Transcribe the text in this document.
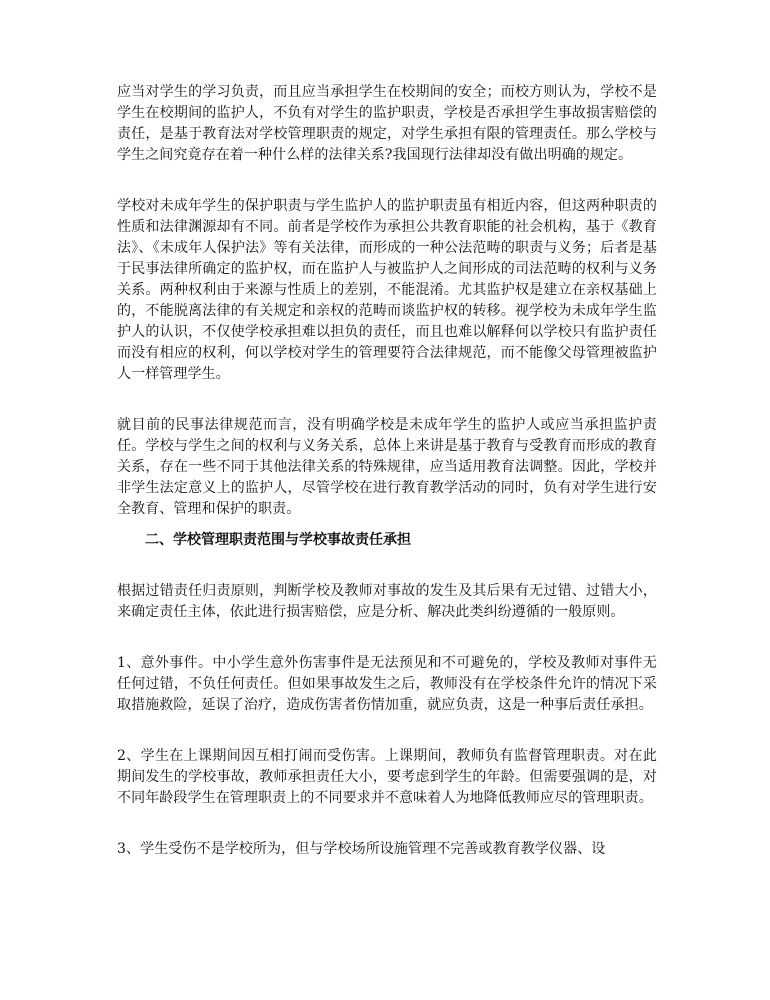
应当对学生的学习负责，而且应当承担学生在校期间的安全；而校方则认为，学校不是学生在校期间的监护人，不负有对学生的监护职责，学校是否承担学生事故损害赔偿的责任，是基于教育法对学校管理职责的规定，对学生承担有限的管理责任。那么学校与学生之间究竟存在着一种什么样的法律关系?我国现行法律却没有做出明确的规定。

学校对未成年学生的保护职责与学生监护人的监护职责虽有相近内容，但这两种职责的性质和法律渊源却有不同。前者是学校作为承担公共教育职能的社会机构，基于《教育法》、《未成年人保护法》等有关法律，而形成的一种公法范畴的职责与义务；后者是基于民事法律所确定的监护权，而在监护人与被监护人之间形成的司法范畴的权利与义务关系。两种权利由于来源与性质上的差别，不能混淆。尤其监护权是建立在亲权基础上的，不能脱离法律的有关规定和亲权的范畴而谈监护权的转移。视学校为未成年学生监护人的认识，不仅使学校承担难以担负的责任，而且也难以解释何以学校只有监护责任而没有相应的权利，何以学校对学生的管理要符合法律规范，而不能像父母管理被监护人一样管理学生。

就目前的民事法律规范而言，没有明确学校是未成年学生的监护人或应当承担监护责任。学校与学生之间的权利与义务关系，总体上来讲是基于教育与受教育而形成的教育关系，存在一些不同于其他法律关系的特殊规律，应当适用教育法调整。因此，学校并非学生法定意义上的监护人，尽管学校在进行教育教学活动的同时，负有对学生进行安全教育、管理和保护的职责。

二、学校管理职责范围与学校事故责任承担

根据过错责任归责原则，判断学校及教师对事故的发生及其后果有无过错、过错大小，来确定责任主体，依此进行损害赔偿，应是分析、解决此类纠纷遵循的一般原则。

1、意外事件。中小学生意外伤害事件是无法预见和不可避免的，学校及教师对事件无任何过错，不负任何责任。但如果事故发生之后，教师没有在学校条件允许的情况下采取措施救险，延误了治疗，造成伤害者伤情加重，就应负责，这是一种事后责任承担。

2、学生在上课期间因互相打闹而受伤害。上课期间，教师负有监督管理职责。对在此期间发生的学校事故，教师承担责任大小，要考虑到学生的年龄。但需要强调的是，对不同年龄段学生在管理职责上的不同要求并不意味着人为地降低教师应尽的管理职责。

3、学生受伤不是学校所为，但与学校场所设施管理不完善或教育教学仪器、设
